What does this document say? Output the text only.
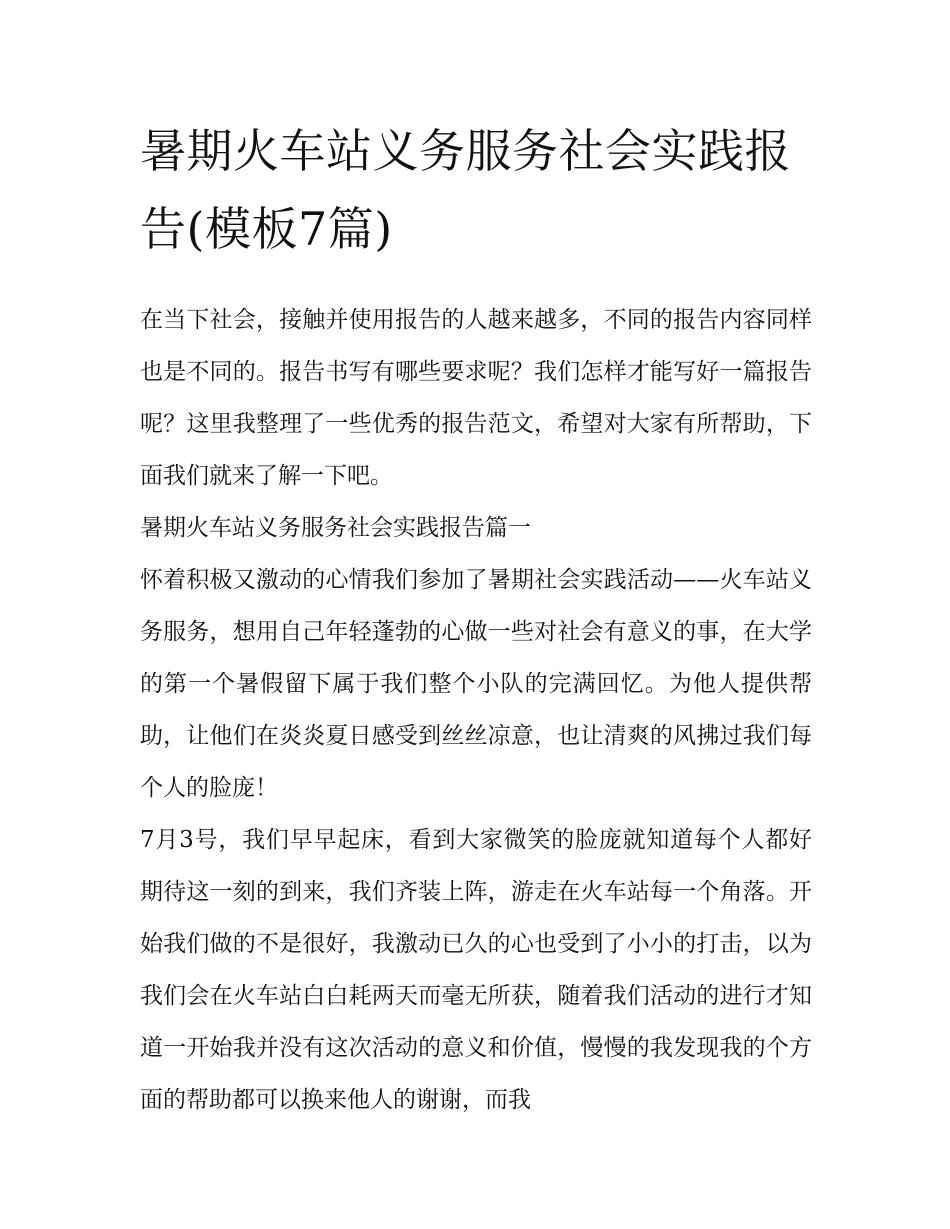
暑期火车站义务服务社会实践报告(模板7篇)

在当下社会，接触并使用报告的人越来越多，不同的报告内容同样也是不同的。报告书写有哪些要求呢？我们怎样才能写好一篇报告呢？这里我整理了一些优秀的报告范文，希望对大家有所帮助，下面我们就来了解一下吧。

暑期火车站义务服务社会实践报告篇一

怀着积极又激动的心情我们参加了暑期社会实践活动——火车站义务服务，想用自己年轻蓬勃的心做一些对社会有意义的事，在大学的第一个暑假留下属于我们整个小队的完满回忆。为他人提供帮助，让他们在炎炎夏日感受到丝丝凉意，也让清爽的风拂过我们每个人的脸庞！

7月3号，我们早早起床，看到大家微笑的脸庞就知道每个人都好期待这一刻的到来，我们齐装上阵，游走在火车站每一个角落。开始我们做的不是很好，我激动已久的心也受到了小小的打击，以为我们会在火车站白白耗两天而毫无所获，随着我们活动的进行才知道一开始我并没有这次活动的意义和价值，慢慢的我发现我的个方面的帮助都可以换来他人的谢谢，而我
